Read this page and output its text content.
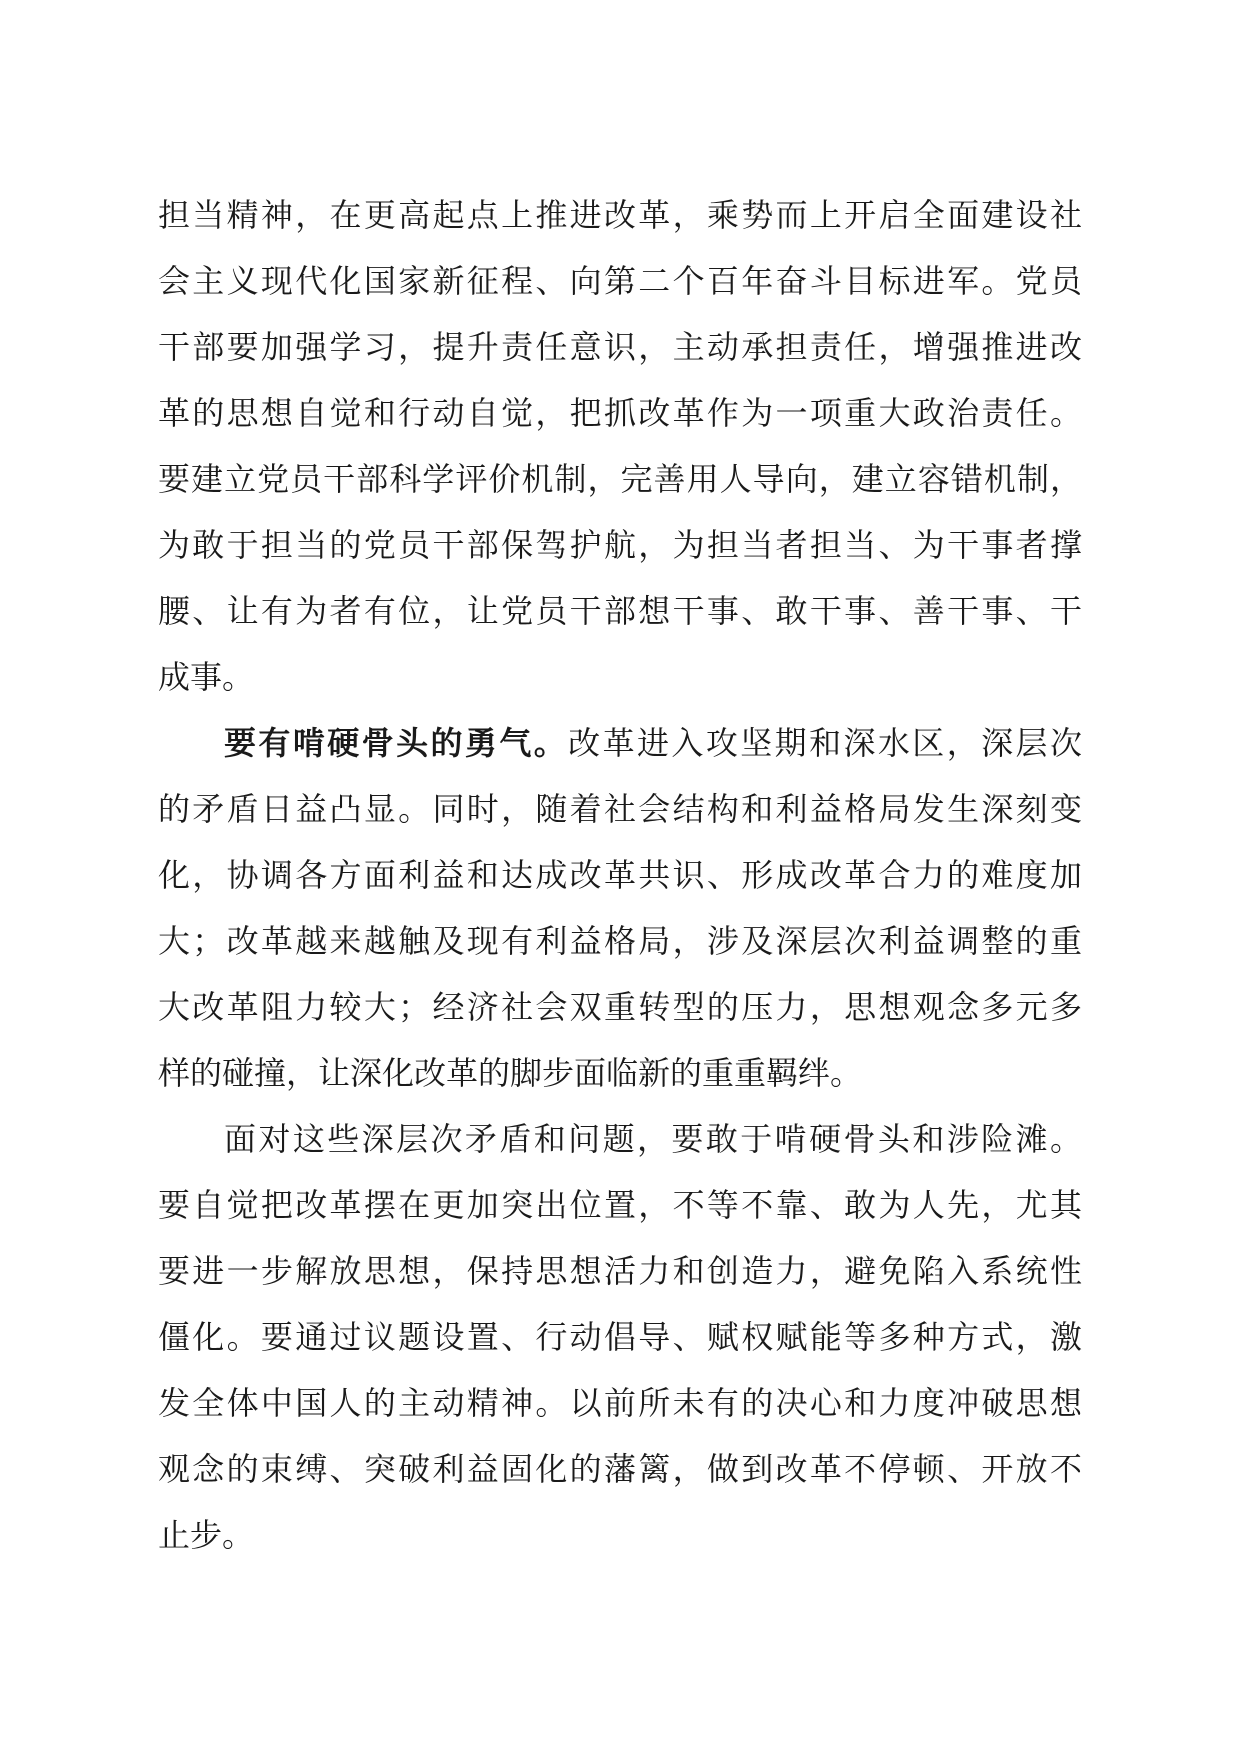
担当精神，在更高起点上推进改革，乘势而上开启全面建设社
会主义现代化国家新征程、向第二个百年奋斗目标进军。党员
干部要加强学习，提升责任意识，主动承担责任，增强推进改
革的思想自觉和行动自觉，把抓改革作为一项重大政治责任。
要建立党员干部科学评价机制，完善用人导向，建立容错机制，
为敢于担当的党员干部保驾护航，为担当者担当、为干事者撑
腰、让有为者有位，让党员干部想干事、敢干事、善干事、干
成事。
要有啃硬骨头的勇气。改革进入攻坚期和深水区，深层次
的矛盾日益凸显。同时，随着社会结构和利益格局发生深刻变
化，协调各方面利益和达成改革共识、形成改革合力的难度加
大；改革越来越触及现有利益格局，涉及深层次利益调整的重
大改革阻力较大；经济社会双重转型的压力，思想观念多元多
样的碰撞，让深化改革的脚步面临新的重重羁绊。
面对这些深层次矛盾和问题，要敢于啃硬骨头和涉险滩。
要自觉把改革摆在更加突出位置，不等不靠、敢为人先，尤其
要进一步解放思想，保持思想活力和创造力，避免陷入系统性
僵化。要通过议题设置、行动倡导、赋权赋能等多种方式，激
发全体中国人的主动精神。以前所未有的决心和力度冲破思想
观念的束缚、突破利益固化的藩篱，做到改革不停顿、开放不
止步。
